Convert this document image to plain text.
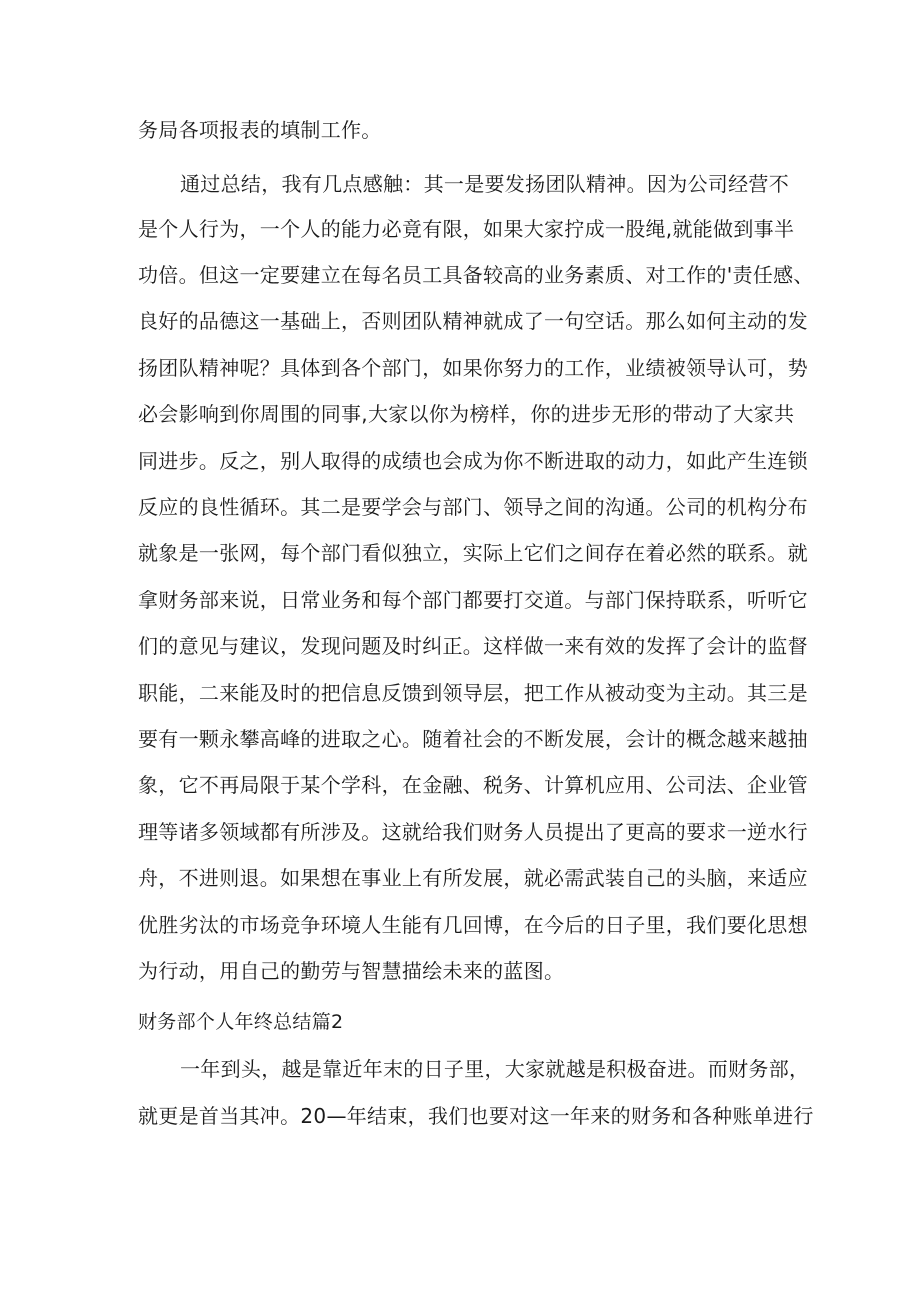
务局各项报表的填制工作。
通过总结，我有几点感触：其一是要发扬团队精神。因为公司经营不
是个人行为，一个人的能力必竟有限，如果大家拧成一股绳,就能做到事半
功倍。但这一定要建立在每名员工具备较高的业务素质、对工作的'责任感、
良好的品德这一基础上，否则团队精神就成了一句空话。那么如何主动的发
扬团队精神呢？具体到各个部门，如果你努力的工作，业绩被领导认可，势
必会影响到你周围的同事,大家以你为榜样，你的进步无形的带动了大家共
同进步。反之，别人取得的成绩也会成为你不断进取的动力，如此产生连锁
反应的良性循环。其二是要学会与部门、领导之间的沟通。公司的机构分布
就象是一张网，每个部门看似独立，实际上它们之间存在着必然的联系。就
拿财务部来说，日常业务和每个部门都要打交道。与部门保持联系，听听它
们的意见与建议，发现问题及时纠正。这样做一来有效的发挥了会计的监督
职能，二来能及时的把信息反馈到领导层，把工作从被动变为主动。其三是
要有一颗永攀高峰的进取之心。随着社会的不断发展，会计的概念越来越抽
象，它不再局限于某个学科，在金融、税务、计算机应用、公司法、企业管
理等诸多领域都有所涉及。这就给我们财务人员提出了更高的要求一逆水行
舟，不进则退。如果想在事业上有所发展，就必需武装自己的头脑，来适应
优胜劣汰的市场竞争环境人生能有几回博，在今后的日子里，我们要化思想
为行动，用自己的勤劳与智慧描绘未来的蓝图。
财务部个人年终总结篇2
一年到头，越是靠近年末的日子里，大家就越是积极奋进。而财务部，
就更是首当其冲。20—年结束，我们也要对这一年来的财务和各种账单进行
